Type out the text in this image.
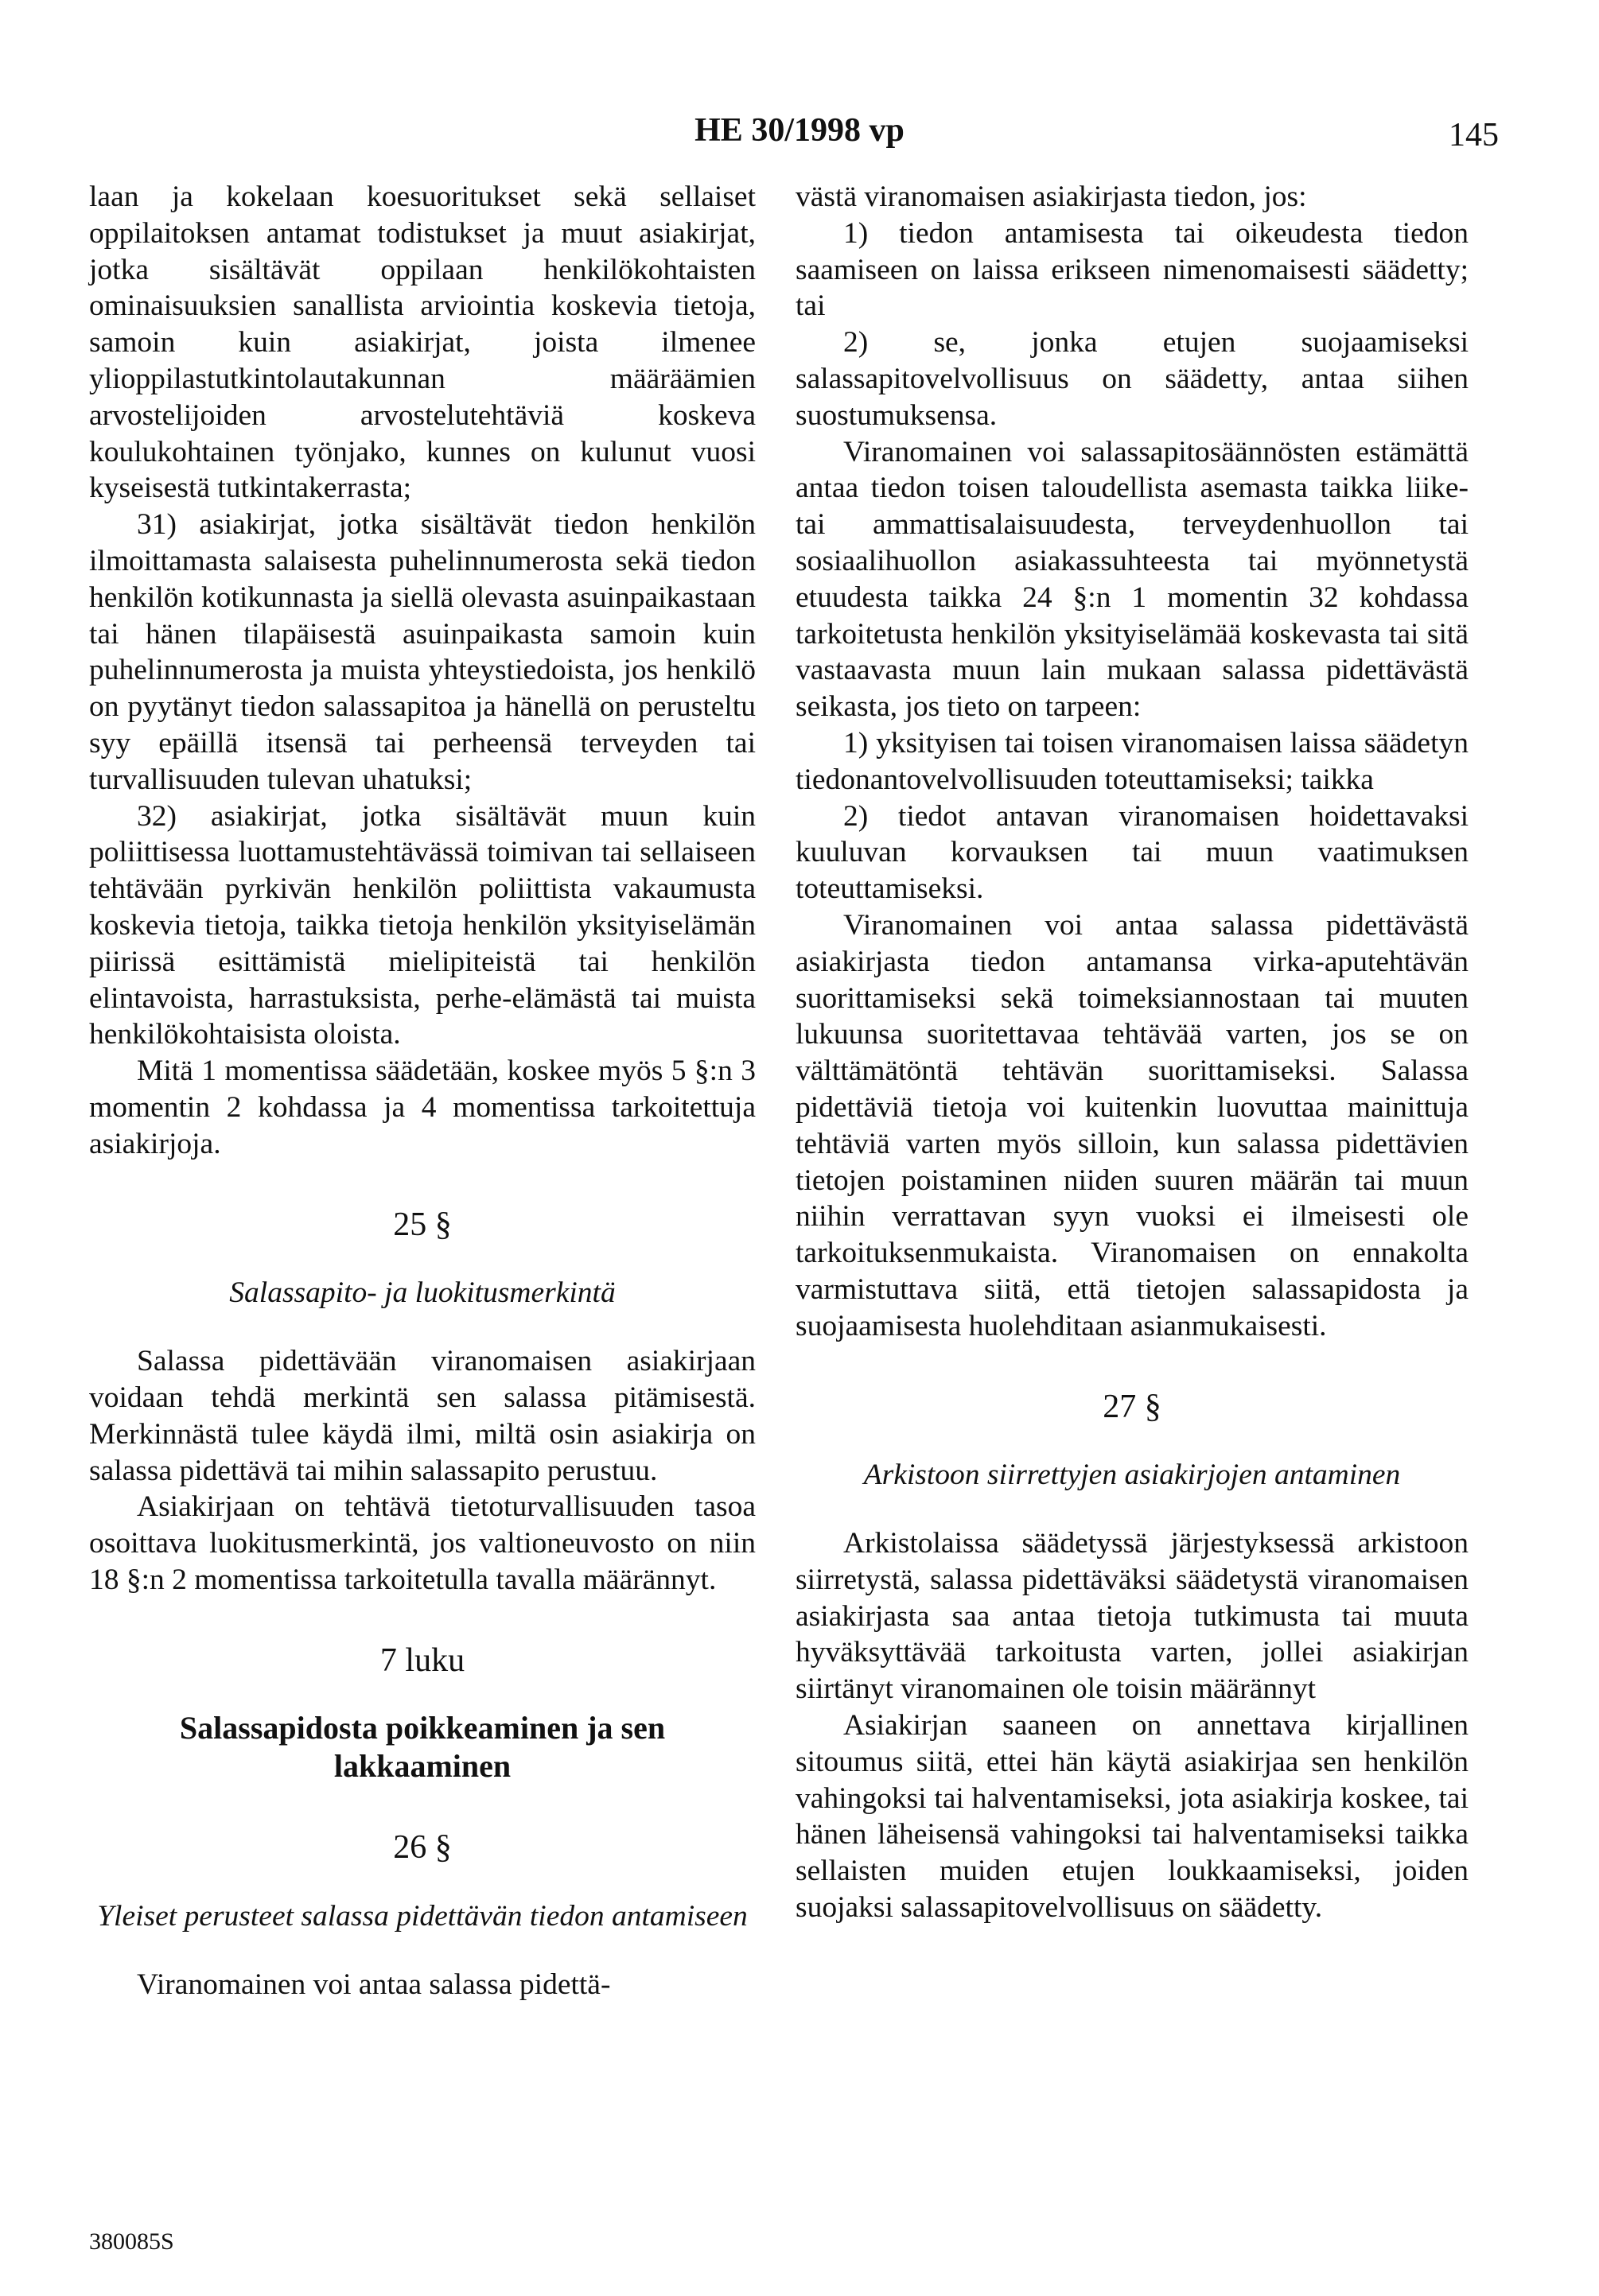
HE 30/1998 vp	145

laan ja kokelaan koesuoritukset sekä sellaiset oppilaitoksen antamat todistukset ja muut asiakirjat, jotka sisältävät oppilaan henkilökohtaisten ominaisuuksien sanallista arviointia koskevia tietoja, samoin kuin asiakirjat, joista ilmenee ylioppilastutkintolautakunnan määräämien arvostelijoiden arvostelutehtäviä koskeva koulukohtainen työnjako, kunnes on kulunut vuosi kyseisestä tutkintakerrasta;

31) asiakirjat, jotka sisältävät tiedon henkilön ilmoittamasta salaisesta puhelinnumerosta sekä tiedon henkilön kotikunnasta ja siellä olevasta asuinpaikastaan tai hänen tilapäisestä asuinpaikasta samoin kuin puhelinnumerosta ja muista yhteystiedoista, jos henkilö on pyytänyt tiedon salassapitoa ja hänellä on perusteltu syy epäillä itsensä tai perheensä terveyden tai turvallisuuden tulevan uhatuksi;

32) asiakirjat, jotka sisältävät muun kuin poliittisessa luottamustehtävässä toimivan tai sellaiseen tehtävään pyrkivän henkilön poliittista vakaumusta koskevia tietoja, taikka tietoja henkilön yksityiselämän piirissä esittämistä mielipiteistä tai henkilön elintavoista, harrastuksista, perhe-elämästä tai muista henkilökohtaisista oloista.

Mitä 1 momentissa säädetään, koskee myös 5 §:n 3 momentin 2 kohdassa ja 4 momentissa tarkoitettuja asiakirjoja.

25 §
Salassapito- ja luokitusmerkintä

Salassa pidettävään viranomaisen asiakirjaan voidaan tehdä merkintä sen salassa pitämisestä. Merkinnästä tulee käydä ilmi, miltä osin asiakirja on salassa pidettävä tai mihin salassapito perustuu.

Asiakirjaan on tehtävä tietoturvallisuuden tasoa osoittava luokitusmerkintä, jos valtioneuvosto on niin 18 §:n 2 momentissa tarkoitetulla tavalla määrännyt.

7 luku
Salassapidosta poikkeaminen ja sen lakkaaminen
26 §
Yleiset perusteet salassa pidettävän tiedon antamiseen

Viranomainen voi antaa salassa pidettä-

västä viranomaisen asiakirjasta tiedon, jos:

1) tiedon antamisesta tai oikeudesta tiedon saamiseen on laissa erikseen nimenomaisesti säädetty; tai

2) se, jonka etujen suojaamiseksi salassapitovelvollisuus on säädetty, antaa siihen suostumuksensa.

Viranomainen voi salassapitosäännösten estämättä antaa tiedon toisen taloudellista asemasta taikka liike- tai ammattisalaisuudesta, terveydenhuollon tai sosiaalihuollon asiakassuhteesta tai myönnetystä etuudesta taikka 24 §:n 1 momentin 32 kohdassa tarkoitetusta henkilön yksityiselämää koskevasta tai sitä vastaavasta muun lain mukaan salassa pidettävästä seikasta, jos tieto on tarpeen:

1) yksityisen tai toisen viranomaisen laissa säädetyn tiedonantovelvollisuuden toteuttamiseksi; taikka

2) tiedot antavan viranomaisen hoidettavaksi kuuluvan korvauksen tai muun vaatimuksen toteuttamiseksi.

Viranomainen voi antaa salassa pidettävästä asiakirjasta tiedon antamansa virka-aputehtävän suorittamiseksi sekä toimeksiannostaan tai muuten lukuunsa suoritettavaa tehtävää varten, jos se on välttämätöntä tehtävän suorittamiseksi. Salassa pidettäviä tietoja voi kuitenkin luovuttaa mainittuja tehtäviä varten myös silloin, kun salassa pidettävien tietojen poistaminen niiden suuren määrän tai muun niihin verrattavan syyn vuoksi ei ilmeisesti ole tarkoituksenmukaista. Viranomaisen on ennakolta varmistuttava siitä, että tietojen salassapidosta ja suojaamisesta huolehditaan asianmukaisesti.

27 §
Arkistoon siirrettyjen asiakirjojen antaminen

Arkistolaissa säädetyssä järjestyksessä arkistoon siirretystä, salassa pidettäväksi säädetystä viranomaisen asiakirjasta saa antaa tietoja tutkimusta tai muuta hyväksyttävää tarkoitusta varten, jollei asiakirjan siirtänyt viranomainen ole toisin määrännyt

Asiakirjan saaneen on annettava kirjallinen sitoumus siitä, ettei hän käytä asiakirjaa sen henkilön vahingoksi tai halventamiseksi, jota asiakirja koskee, tai hänen läheisensä vahingoksi tai halventamiseksi taikka sellaisten muiden etujen loukkaamiseksi, joiden suojaksi salassapitovelvollisuus on säädetty.

380085S
